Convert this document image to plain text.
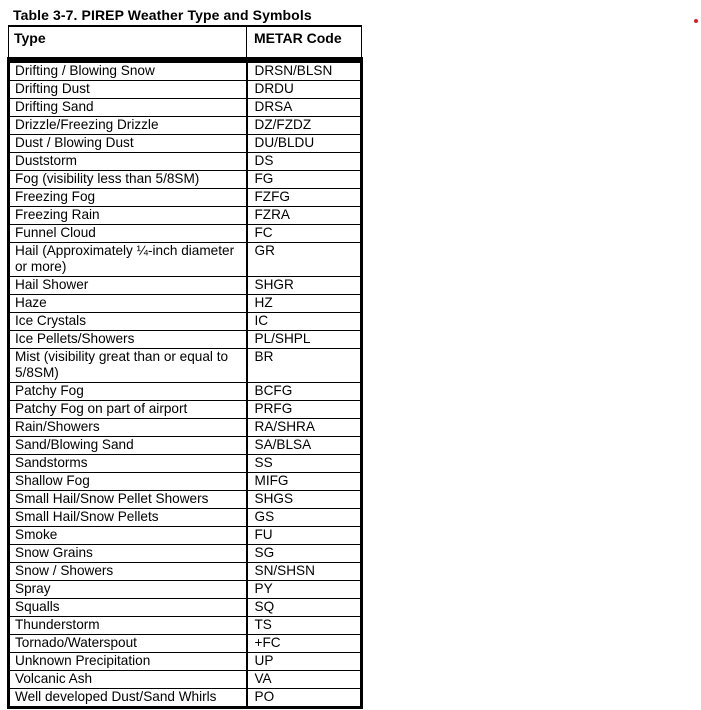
Table 3-7. PIREP Weather Type and Symbols
Type	METAR Code
Drifting / Blowing Snow	DRSN/BLSN
Drifting Dust	DRDU
Drifting Sand	DRSA
Drizzle/Freezing Drizzle	DZ/FZDZ
Dust / Blowing Dust	DU/BLDU
Duststorm	DS
Fog (visibility less than 5/8SM)	FG
Freezing Fog	FZFG
Freezing Rain	FZRA
Funnel Cloud	FC
Hail (Approximately ¼-inch diameter or more)	GR
Hail Shower	SHGR
Haze	HZ
Ice Crystals	IC
Ice Pellets/Showers	PL/SHPL
Mist (visibility great than or equal to 5/8SM)	BR
Patchy Fog	BCFG
Patchy Fog on part of airport	PRFG
Rain/Showers	RA/SHRA
Sand/Blowing Sand	SA/BLSA
Sandstorms	SS
Shallow Fog	MIFG
Small Hail/Snow Pellet Showers	SHGS
Small Hail/Snow Pellets	GS
Smoke	FU
Snow Grains	SG
Snow / Showers	SN/SHSN
Spray	PY
Squalls	SQ
Thunderstorm	TS
Tornado/Waterspout	+FC
Unknown Precipitation	UP
Volcanic Ash	VA
Well developed Dust/Sand Whirls	PO
